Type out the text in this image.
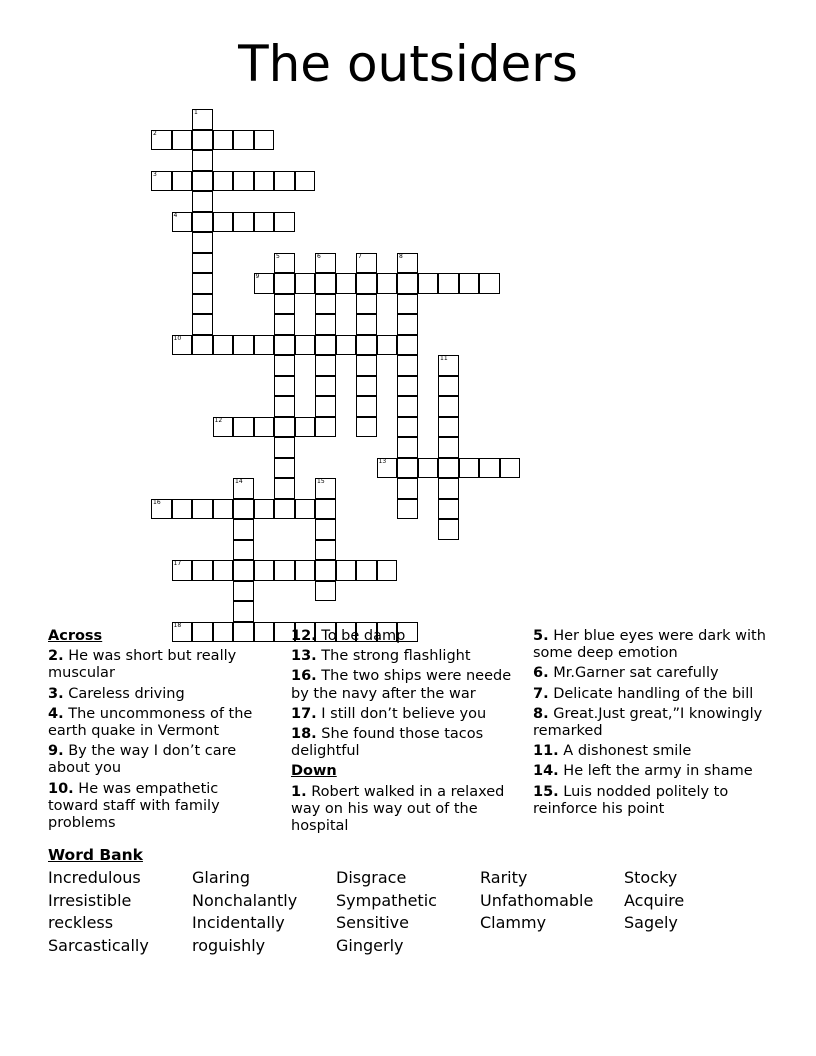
The outsiders
1
2
3
4
5	6	7	8
9
10
11
12
13
14	15
16
17
18
Across

2. He was short but really muscular

3. Careless driving

4. The uncommoness of the earth quake in Vermont

9. By the way I don’t care about you

10. He was empathetic toward staff with family problems

12. To be damp

13. The strong flashlight

16. The two ships were neede by the navy after the war

17. I still don’t believe you

18. She found those tacos delightful

Down

1. Robert walked in a relaxed way on his way out of the hospital

5. Her blue eyes were dark with some deep emotion

6. Mr.Garner sat carefully

7. Delicate handling of the bill

8. Great.Just great,”I knowingly remarked

11. A dishonest smile

14. He left the army in shame

15. Luis nodded politely to reinforce his point

Word Bank
Incredulous
Irresistible
reckless
Sarcastically
Glaring
Nonchalantly
Incidentally
roguishly
Disgrace
Sympathetic
Sensitive
Gingerly
Rarity
Unfathomable
Clammy
Stocky
Acquire
Sagely
